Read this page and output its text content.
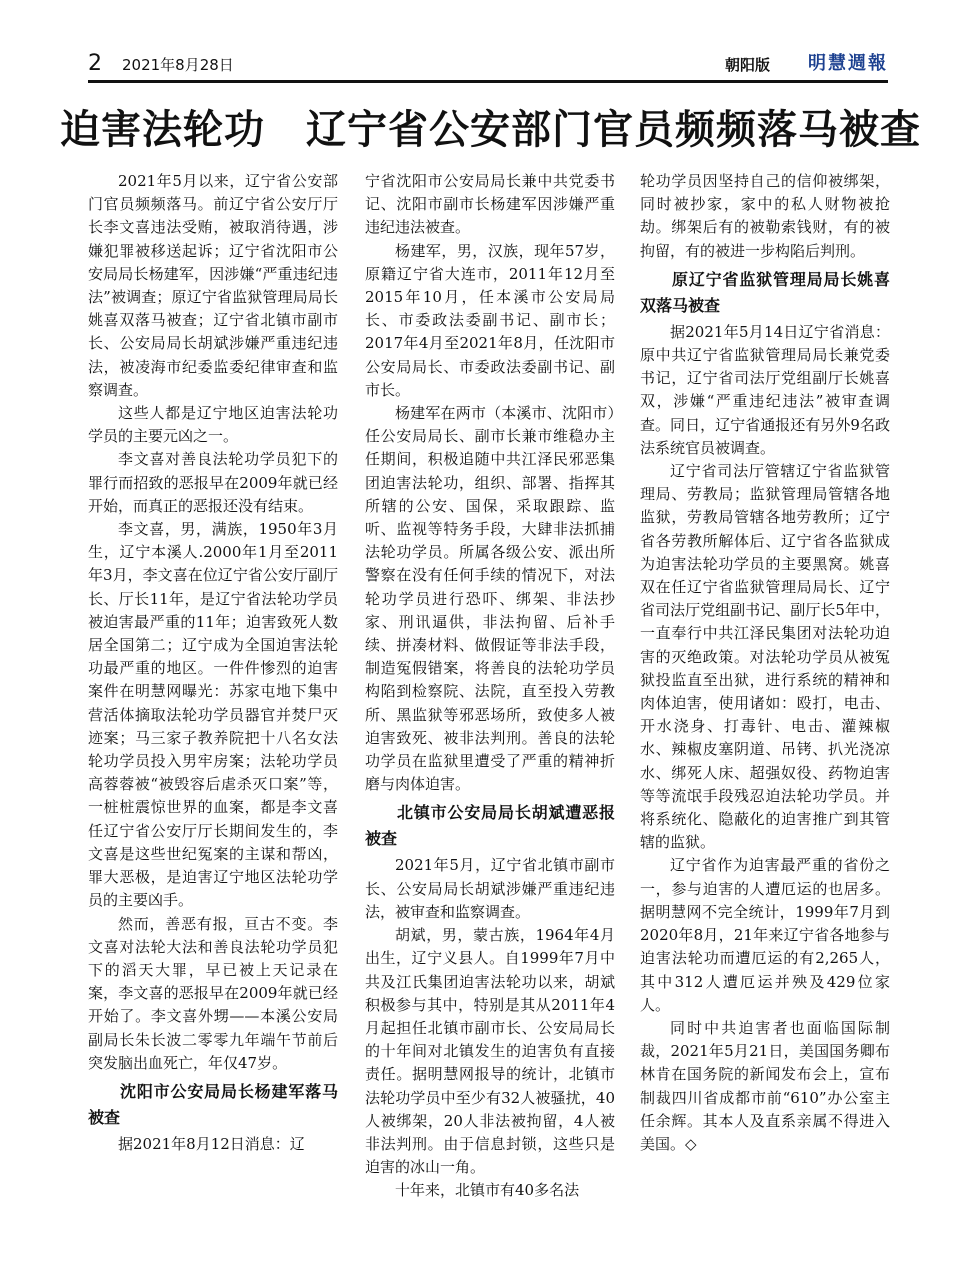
2 2021年8月28日	朝阳版 明慧週報
迫害法轮功　辽宁省公安部门官员频频落马被查

2021年5月以来，辽宁省公安部门官员频频落马。前辽宁省公安厅厅长李文喜违法受贿，被取消待遇，涉嫌犯罪被移送起诉；辽宁省沈阳市公安局局长杨建军，因涉嫌“严重违纪违法”被调查；原辽宁省监狱管理局局长姚喜双落马被查；辽宁省北镇市副市长、公安局局长胡斌涉嫌严重违纪违法，被凌海市纪委监委纪律审查和监察调查。

这些人都是辽宁地区迫害法轮功学员的主要元凶之一。

李文喜对善良法轮功学员犯下的罪行而招致的恶报早在2009年就已经开始，而真正的恶报还没有结束。

李文喜，男，满族，1950年3月生，辽宁本溪人.2000年1月至2011年3月，李文喜在位辽宁省公安厅副厅长、厅长11年，是辽宁省法轮功学员被迫害最严重的11年；迫害致死人数居全国第二；辽宁成为全国迫害法轮功最严重的地区。一件件惨烈的迫害案件在明慧网曝光：苏家屯地下集中营活体摘取法轮功学员器官并焚尸灭迹案；马三家子教养院把十八名女法轮功学员投入男牢房案；法轮功学员高蓉蓉被“被毁容后虐杀灭口案”等，一桩桩震惊世界的血案，都是李文喜任辽宁省公安厅厅长期间发生的，李文喜是这些世纪冤案的主谋和帮凶，罪大恶极，是迫害辽宁地区法轮功学员的主要凶手。

然而，善恶有报，亘古不变。李文喜对法轮大法和善良法轮功学员犯下的滔天大罪，早已被上天记录在案，李文喜的恶报早在2009年就已经开始了。李文喜外甥——本溪公安局副局长朱长波二零零九年端午节前后突发脑出血死亡，年仅47岁。

沈阳市公安局局长杨建军落马被查

据2021年8月12日消息：辽

宁省沈阳市公安局局长兼中共党委书记、沈阳市副市长杨建军因涉嫌严重违纪违法被查。

杨建军，男，汉族，现年57岁，原籍辽宁省大连市，2011年12月至2015年10月，任本溪市公安局局长、市委政法委副书记、副市长；2017年4月至2021年8月，任沈阳市公安局局长、市委政法委副书记、副市长。

杨建军在两市（本溪市、沈阳市）任公安局局长、副市长兼市维稳办主任期间，积极追随中共江泽民邪恶集团迫害法轮功，组织、部署、指挥其所辖的公安、国保，采取跟踪、监听、监视等特务手段，大肆非法抓捕法轮功学员。所属各级公安、派出所警察在没有任何手续的情况下，对法轮功学员进行恐吓、绑架、非法抄家、刑讯逼供，非法拘留、后补手续、拼凑材料、做假证等非法手段，制造冤假错案，将善良的法轮功学员构陷到检察院、法院，直至投入劳教所、黑监狱等邪恶场所，致使多人被迫害致死、被非法判刑。善良的法轮功学员在监狱里遭受了严重的精神折磨与肉体迫害。

北镇市公安局局长胡斌遭恶报被查

2021年5月，辽宁省北镇市副市长、公安局局长胡斌涉嫌严重违纪违法，被审查和监察调查。

胡斌，男，蒙古族，1964年4月出生，辽宁义县人。自1999年7月中共及江氏集团迫害法轮功以来，胡斌积极参与其中，特别是其从2011年4月起担任北镇市副市长、公安局局长的十年间对北镇发生的迫害负有直接责任。据明慧网报导的统计，北镇市法轮功学员中至少有32人被骚扰，40人被绑架，20人非法被拘留，4人被非法判刑。由于信息封锁，这些只是迫害的冰山一角。

十年来，北镇市有40多名法

轮功学员因坚持自己的信仰被绑架，同时被抄家，家中的私人财物被抢劫。绑架后有的被勒索钱财，有的被拘留，有的被进一步构陷后判刑。

原辽宁省监狱管理局局长姚喜双落马被查

据2021年5月14日辽宁省消息：原中共辽宁省监狱管理局局长兼党委书记，辽宁省司法厅党组副厅长姚喜双，涉嫌“严重违纪违法”被审查调查。同日，辽宁省通报还有另外9名政法系统官员被调查。

辽宁省司法厅管辖辽宁省监狱管理局、劳教局；监狱管理局管辖各地监狱，劳教局管辖各地劳教所；辽宁省各劳教所解体后、辽宁省各监狱成为迫害法轮功学员的主要黑窝。姚喜双在任辽宁省监狱管理局局长、辽宁省司法厅党组副书记、副厅长5年中，一直奉行中共江泽民集团对法轮功迫害的灭绝政策。对法轮功学员从被冤狱投监直至出狱，进行系统的精神和肉体迫害，使用诸如：殴打，电击、开水浇身、打毒针、电击、灌辣椒水、辣椒皮塞阴道、吊铐、扒光浇凉水、绑死人床、超强奴役、药物迫害等等流氓手段残忍迫法轮功学员。并将系统化、隐蔽化的迫害推广到其管辖的监狱。

辽宁省作为迫害最严重的省份之一，参与迫害的人遭厄运的也居多。据明慧网不完全统计，1999年7月到2020年8月，21年来辽宁省各地参与迫害法轮功而遭厄运的有2,265人，其中312人遭厄运并殃及429位家人。

同时中共迫害者也面临国际制裁，2021年5月21日，美国国务卿布林肯在国务院的新闻发布会上，宣布制裁四川省成都市前“610”办公室主任余辉。其本人及直系亲属不得进入美国。◇
